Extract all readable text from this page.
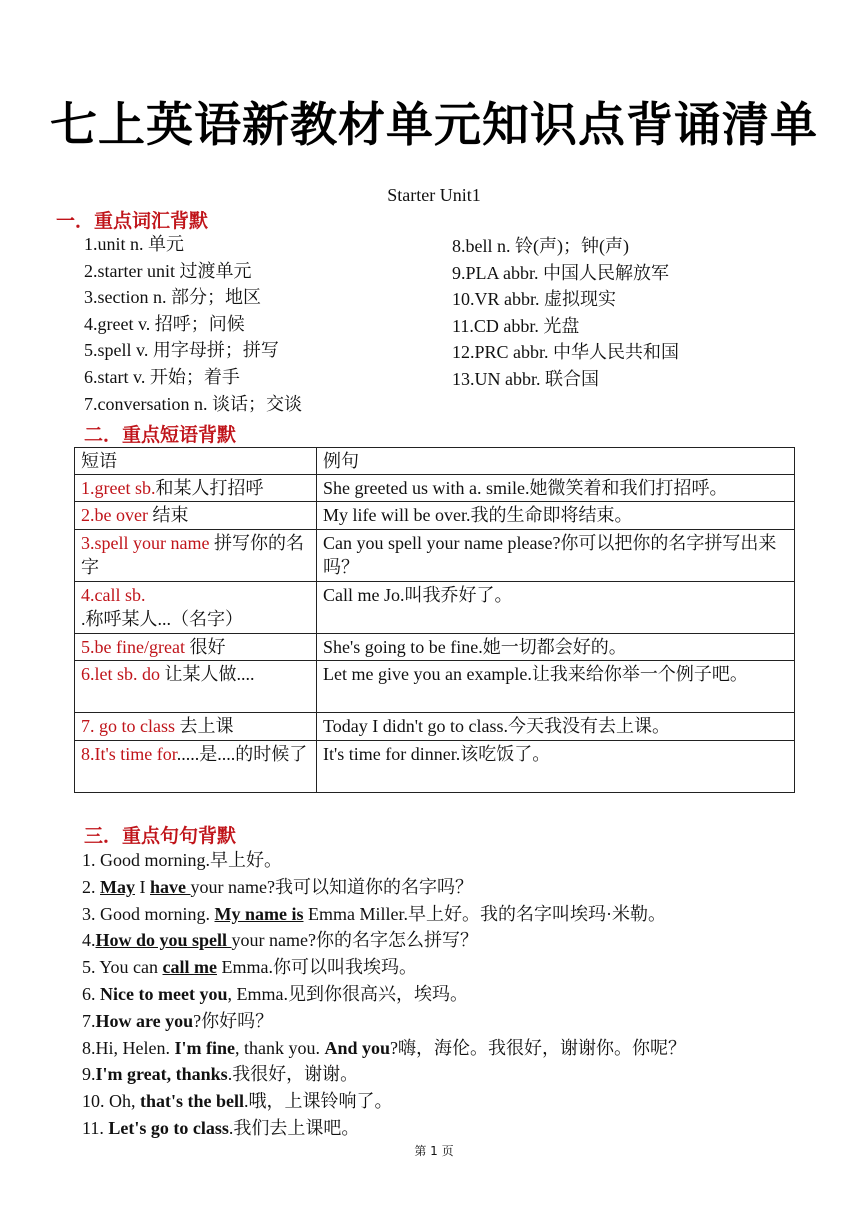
七上英语新教材单元知识点背诵清单
Starter Unit1
一．重点词汇背默
1.unit n. 单元
2.starter unit 过渡单元
3.section n. 部分；地区
4.greet v. 招呼；问候
5.spell v. 用字母拼；拼写
6.start v. 开始；着手
7.conversation n. 谈话；交谈
8.bell n. 铃(声)；钟(声)
9.PLA abbr. 中国人民解放军
10.VR abbr. 虚拟现实
11.CD abbr. 光盘
12.PRC abbr. 中华人民共和国
13.UN abbr. 联合国
二．重点短语背默
短语	例句
1.greet sb.和某人打招呼	She greeted us with a. smile.她微笑着和我们打招呼。
2.be over 结束	My life will be over.我的生命即将结束。
3.spell your name 拼写你的名字	Can you spell your name please?你可以把你的名字拼写出来吗？
4.call sb. .称呼某人...（名字）	Call me Jo.叫我乔好了。
5.be fine/great 很好	She's going to be fine.她一切都会好的。
6.let sb. do 让某人做....	Let me give you an example.让我来给你举一个例子吧。
7. go to class 去上课	Today I didn't go to class.今天我没有去上课。
8.It's time for.....是....的时候了	It's time for dinner.该吃饭了。
三．重点句句背默
1. Good morning.早上好。
2. May I have your name?我可以知道你的名字吗？
3. Good morning. My name is Emma Miller.早上好。我的名字叫埃玛·米勒。
4.How do you spell your name?你的名字怎么拼写？
5. You can call me Emma.你可以叫我埃玛。
6. Nice to meet you, Emma.见到你很高兴，埃玛。
7.How are you?你好吗？
8.Hi, Helen. I'm fine, thank you. And you?嗨，海伦。我很好，谢谢你。你呢？
9.I'm great, thanks.我很好，谢谢。
10. Oh, that's the bell.哦，上课铃响了。
11. Let's go to class.我们去上课吧。
第 1 页
